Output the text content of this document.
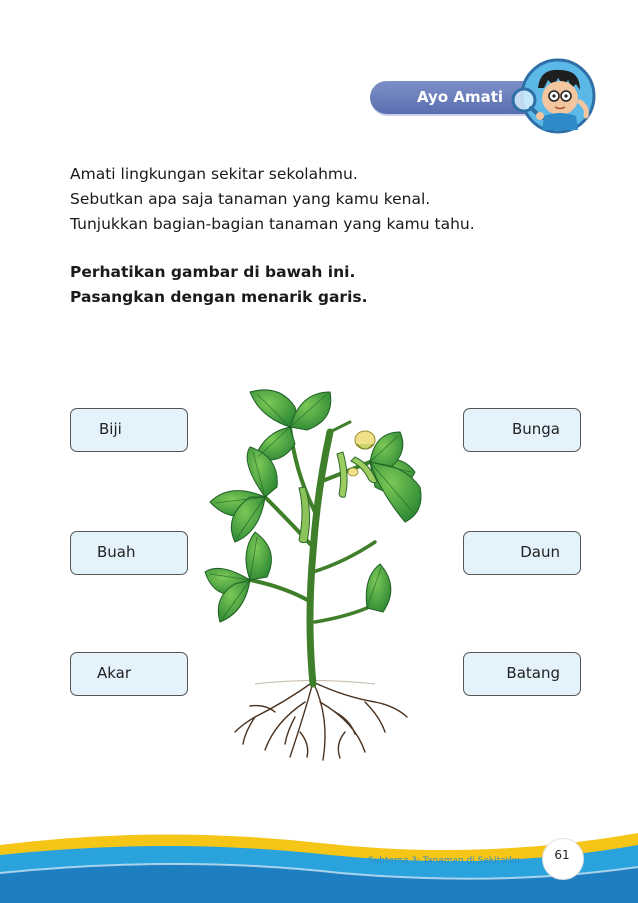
Ayo Amati

Amati lingkungan sekitar sekolahmu.

Sebutkan apa saja tanaman yang kamu kenal.

Tunjukkan bagian-bagian tanaman yang kamu tahu.

Perhatikan gambar di bawah ini.

Pasangkan dengan menarik garis.

Biji
Buah
Akar
Bunga
Daun
Batang
Subtema 3: Tanaman di Sekitarku	61
